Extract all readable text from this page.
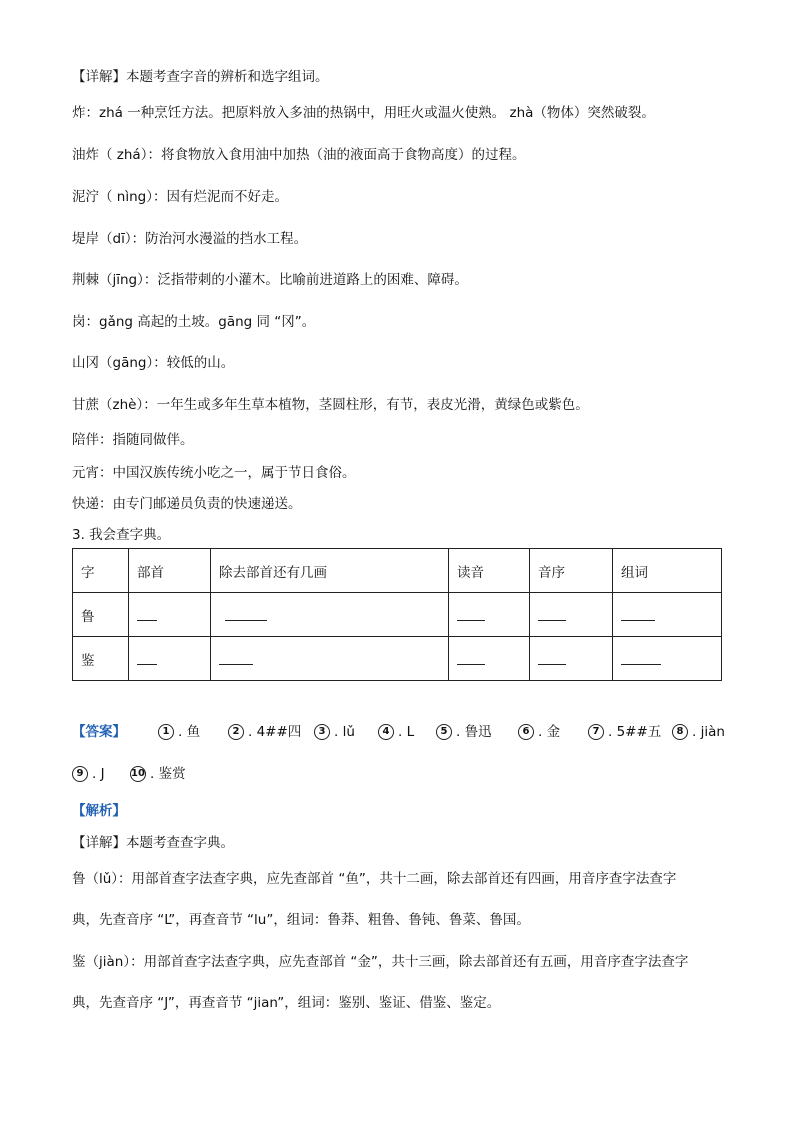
【详解】本题考查字音的辨析和选字组词。
炸：zhá 一种烹饪方法。把原料放入多油的热锅中，用旺火或温火使熟。 zhà（物体）突然破裂。
油炸（ zhá）：将食物放入食用油中加热（油的液面高于食物高度）的过程。
泥泞（ nìng）：因有烂泥而不好走。
堤岸（dī）：防治河水漫溢的挡水工程。
荆棘（jīng）：泛指带刺的小灌木。比喻前进道路上的困难、障碍。
岗：gǎng 高起的土坡。gāng 同 “冈”。
山冈（gāng）：较低的山。
甘蔗（zhè）：一年生或多年生草本植物，茎圆柱形，有节，表皮光滑，黄绿色或紫色。
陪伴：指随同做伴。
元宵：中国汉族传统小吃之一，属于节日食俗。
快递：由专门邮递员负责的快速递送。
3. 我会查字典。
字	部首	除去部首还有几画	读音	音序	组词
鲁					
鉴					
【答案】	1 . 鱼	2 . 4##四	3 . lǔ	4 . L	5 . 鲁迅	6 . 金	7 . 5##五	8 . jiàn
9 . J	10 . 鉴赏
【解析】
【详解】本题考查查字典。
鲁（lǔ）：用部首查字法查字典，应先查部首 “鱼”，共十二画，除去部首还有四画，用音序查字法查字
典，先查音序 “L”，再查音节 “lu”，组词：鲁莽、粗鲁、鲁钝、鲁菜、鲁国。
鉴（jiàn）：用部首查字法查字典，应先查部首 “金”，共十三画，除去部首还有五画，用音序查字法查字
典，先查音序 “J”，再查音节 “jian”，组词：鉴别、鉴证、借鉴、鉴定。
